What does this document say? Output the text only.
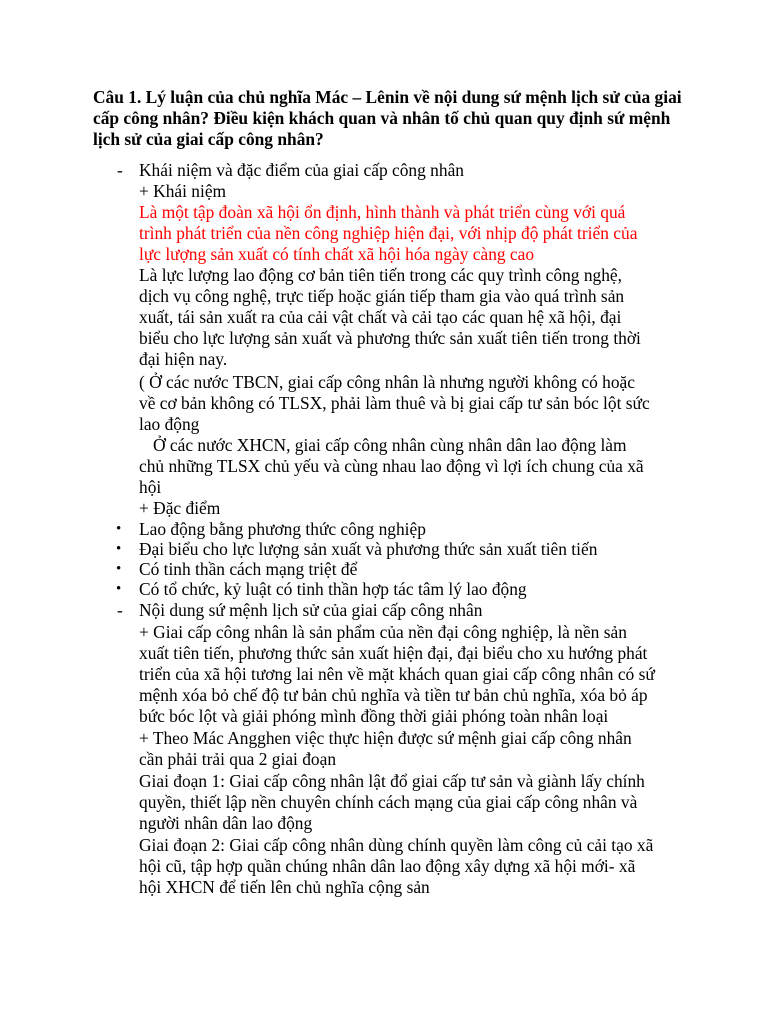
Câu 1. Lý luận của chủ nghĩa Mác – Lênin về nội dung sứ mệnh lịch sử của giai cấp công nhân? Điều kiện khách quan và nhân tố chủ quan quy định sứ mệnh lịch sử của giai cấp công nhân?
Khái niệm và đặc điểm của giai cấp công nhân
-
+ Khái niệm
Là một tập đoàn xã hội ổn định, hình thành và phát triển cùng với quá
trình phát triển của nền công nghiệp hiện đại, với nhịp độ phát triển của
lực lượng sản xuất có tính chất xã hội hóa ngày càng cao
Là lực lượng lao động cơ bản tiên tiến trong các quy trình công nghệ,
dịch vụ công nghệ, trực tiếp hoặc gián tiếp tham gia vào quá trình sản
xuất, tái sản xuất ra của cải vật chất và cải tạo các quan hệ xã hội, đại
biểu cho lực lượng sản xuất và phương thức sản xuất tiên tiến trong thời
đại hiện nay.
( Ở các nước TBCN, giai cấp công nhân là nhưng người không có hoặc
về cơ bản không có TLSX, phải làm thuê và bị giai cấp tư sản bóc lột sức
lao động
Ở các nước XHCN, giai cấp công nhân cùng nhân dân lao động làm
chủ những TLSX chủ yếu và cùng nhau lao động vì lợi ích chung của xã
hội
+ Đặc điểm
Lao động bằng phương thức công nghiệp
•
Đại biểu cho lực lượng sản xuất và phương thức sản xuất tiên tiến
•
Có tinh thần cách mạng triệt để
•
Có tổ chức, kỷ luật có tinh thần hợp tác tâm lý lao động
•
Nội dung sứ mệnh lịch sử của giai cấp công nhân
-
+ Giai cấp công nhân là sản phẩm của nền đại công nghiệp, là nền sản
xuất tiên tiến, phương thức sản xuất hiện đại, đại biểu cho xu hướng phát
triển của xã hội tương lai nên về mặt khách quan giai cấp công nhân có sứ
mệnh xóa bỏ chế độ tư bản chủ nghĩa và tiền tư bản chủ nghĩa, xóa bỏ áp
bức bóc lột và giải phóng mình đồng thời giải phóng toàn nhân loại
+ Theo Mác Angghen việc thực hiện được sứ mệnh giai cấp công nhân
cần phải trải qua 2 giai đoạn
Giai đoạn 1: Giai cấp công nhân lật đổ giai cấp tư sản và giành lấy chính
quyền, thiết lập nền chuyên chính cách mạng của giai cấp công nhân và
người nhân dân lao động
Giai đoạn 2: Giai cấp công nhân dùng chính quyền làm công củ cải tạo xã
hội cũ, tập hợp quần chúng nhân dân lao động xây dựng xã hội mới- xã
hội XHCN để tiến lên chủ nghĩa cộng sản
